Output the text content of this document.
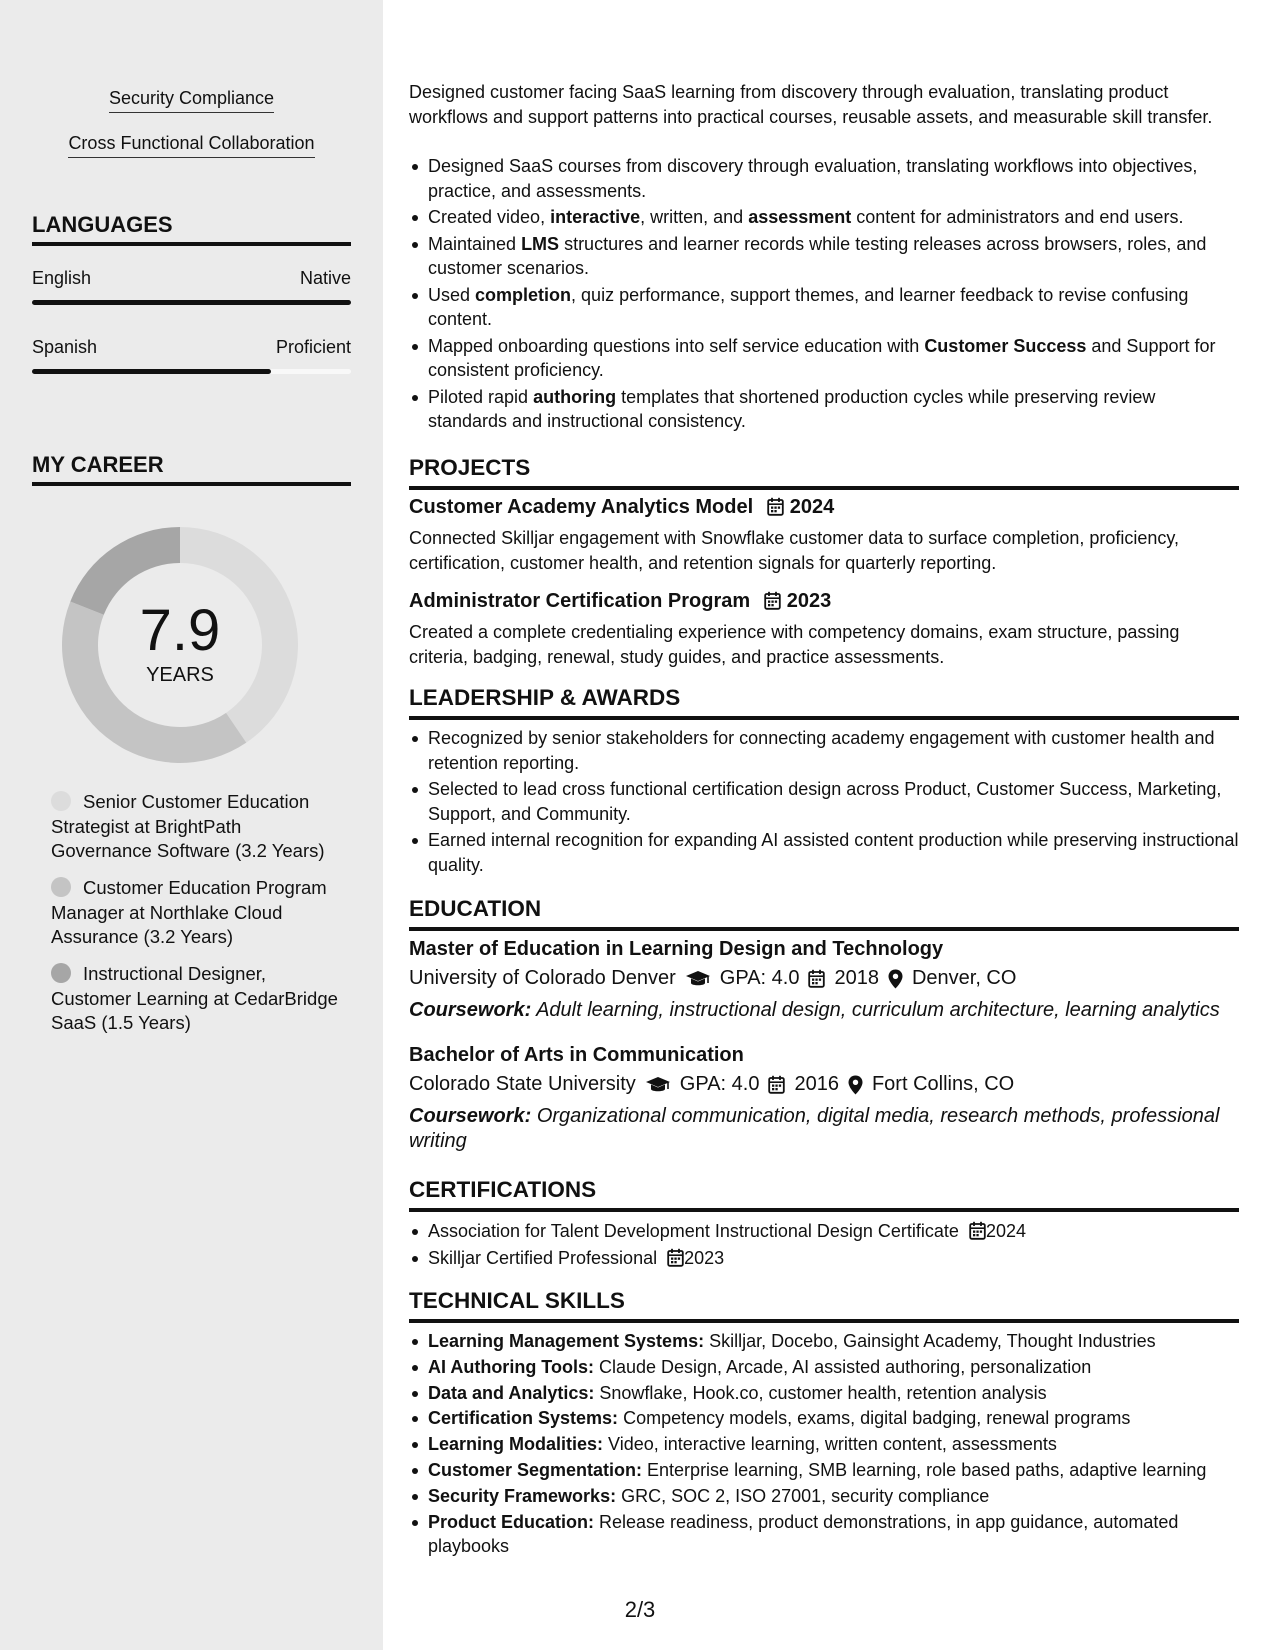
Security Compliance
Cross Functional Collaboration
LANGUAGES
English	Native
Spanish	Proficient
MY CAREER
7.9
YEARS
Senior Customer Education Strategist at BrightPath Governance Software (3.2 Years)
Customer Education Program Manager at Northlake Cloud Assurance (3.2 Years)
Instructional Designer, Customer Learning at CedarBridge SaaS (1.5 Years)
Designed customer facing SaaS learning from discovery through evaluation, translating product workflows and support patterns into practical courses, reusable assets, and measurable skill transfer.
Designed SaaS courses from discovery through evaluation, translating workflows into objectives, practice, and assessments.
Created video, interactive, written, and assessment content for administrators and end users.
Maintained LMS structures and learner records while testing releases across browsers, roles, and customer scenarios.
Used completion, quiz performance, support themes, and learner feedback to revise confusing content.
Mapped onboarding questions into self service education with Customer Success and Support for consistent proficiency.
Piloted rapid authoring templates that shortened production cycles while preserving review standards and instructional consistency.
PROJECTS
Customer Academy Analytics Model	2024
Connected Skilljar engagement with Snowflake customer data to surface completion, proficiency, certification, customer health, and retention signals for quarterly reporting.
Administrator Certification Program	2023
Created a complete credentialing experience with competency domains, exam structure, passing criteria, badging, renewal, study guides, and practice assessments.
LEADERSHIP & AWARDS
Recognized by senior stakeholders for connecting academy engagement with customer health and retention reporting.
Selected to lead cross functional certification design across Product, Customer Success, Marketing, Support, and Community.
Earned internal recognition for expanding AI assisted content production while preserving instructional quality.
EDUCATION
Master of Education in Learning Design and Technology
University of Colorado Denver GPA: 4.0 2018 Denver, CO
Coursework: Adult learning, instructional design, curriculum architecture, learning analytics
Bachelor of Arts in Communication
Colorado State University GPA: 4.0 2016 Fort Collins, CO
Coursework: Organizational communication, digital media, research methods, professional writing
CERTIFICATIONS
Association for Talent Development Instructional Design Certificate 2024
Skilljar Certified Professional 2023
TECHNICAL SKILLS
Learning Management Systems: Skilljar, Docebo, Gainsight Academy, Thought Industries
AI Authoring Tools: Claude Design, Arcade, AI assisted authoring, personalization
Data and Analytics: Snowflake, Hook.co, customer health, retention analysis
Certification Systems: Competency models, exams, digital badging, renewal programs
Learning Modalities: Video, interactive learning, written content, assessments
Customer Segmentation: Enterprise learning, SMB learning, role based paths, adaptive learning
Security Frameworks: GRC, SOC 2, ISO 27001, security compliance
Product Education: Release readiness, product demonstrations, in app guidance, automated playbooks
2/3
